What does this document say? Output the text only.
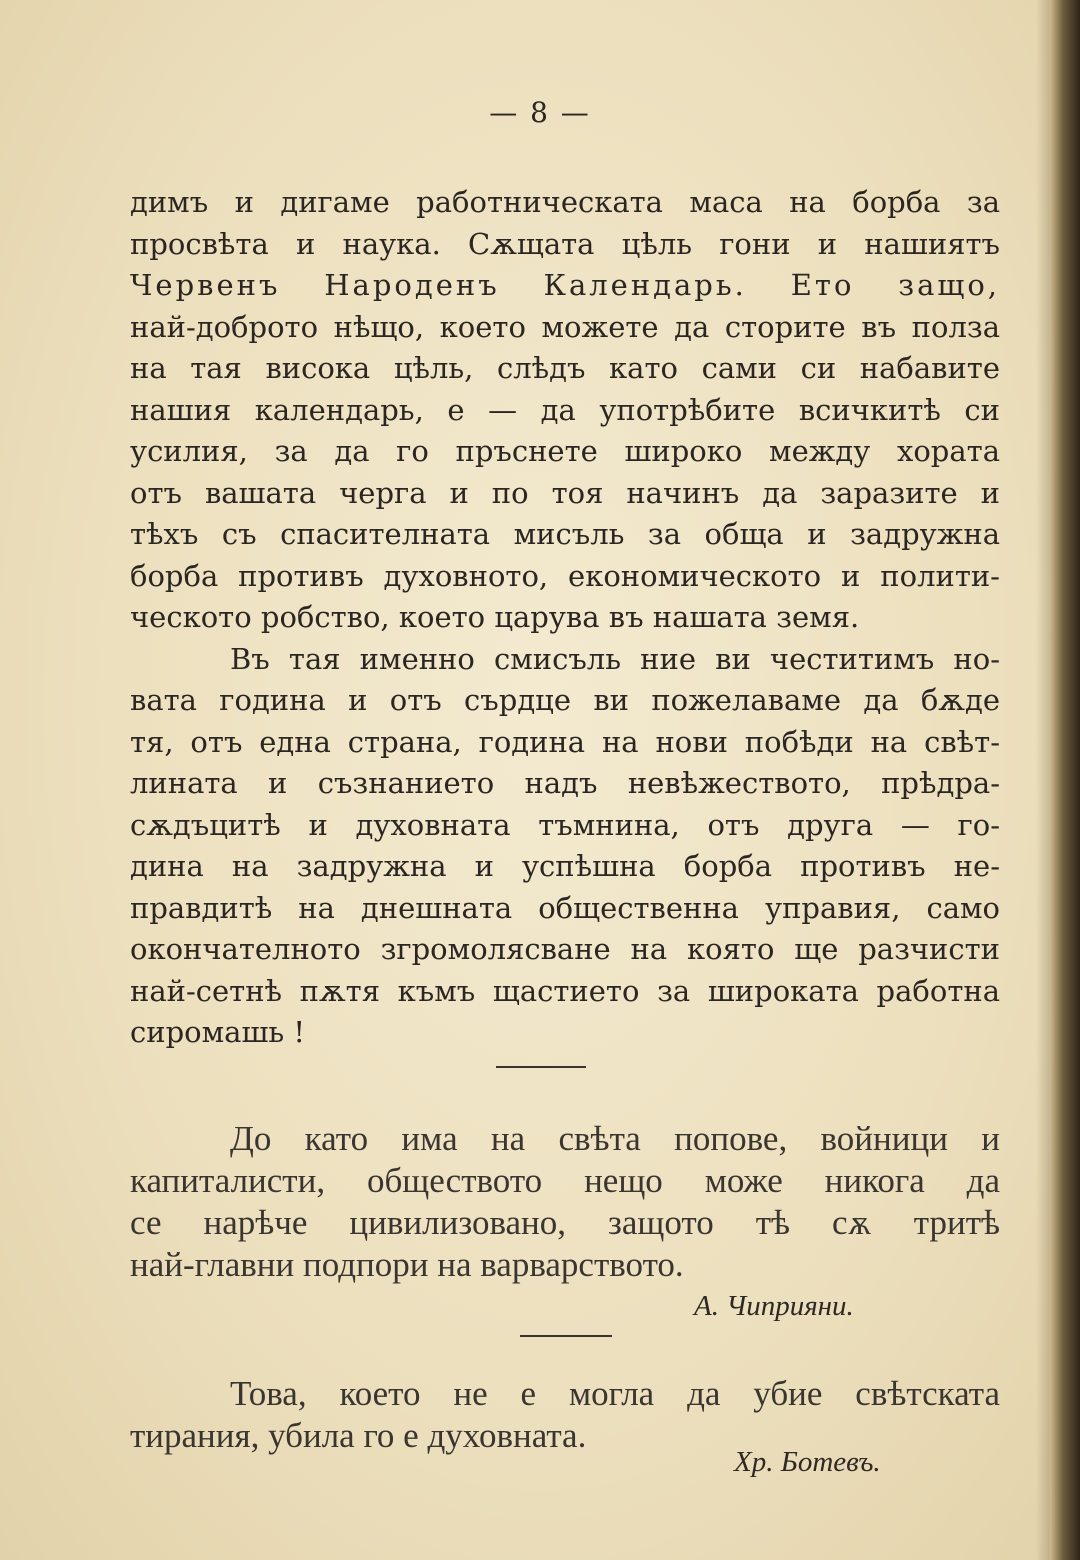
— 8 —
димъ и дигаме работническата маса на борба за
просвѣта и наука. Сѫщата цѣль гони и нашиятъ
Червенъ Народенъ Календарь. Ето защо,
най-доброто нѣщо, което можете да сторите въ полза
на тая висока цѣль, слѣдъ като сами си набавите
нашия календарь, е — да употрѣбите всичкитѣ си
усилия, за да го пръснете широко между хората
отъ вашата черга и по тоя начинъ да заразите и
тѣхъ съ спасителната мисъль за обща и задружна
борба противъ духовното, економическото и полити-
ческото робство, което царува въ нашата земя.
Въ тая именно смисъль ние ви честитимъ но-
вата година и отъ сърдце ви пожелаваме да бѫде
тя, отъ една страна, година на нови побѣди на свѣт-
лината и съзнанието надъ невѣжеството, прѣдра-
сѫдъцитѣ и духовната тъмнина, отъ друга — го-
дина на задружна и успѣшна борба противъ не-
правдитѣ на днешната общественна управия, само
окончателното згромолясване на която ще разчисти
най-сетнѣ пѫтя къмъ щастието за широката работна
сиромашь !
До като има на свѣта попове, войници и
капиталисти, обществото нещо може никога да
се нарѣче цивилизовано, защото тѣ сѫ тритѣ
най-главни подпори на варварството.
А. Чиприяни.
Това, което не е могла да убие свѣтската
тирания, убила го е духовната.
Хр. Ботевъ.
